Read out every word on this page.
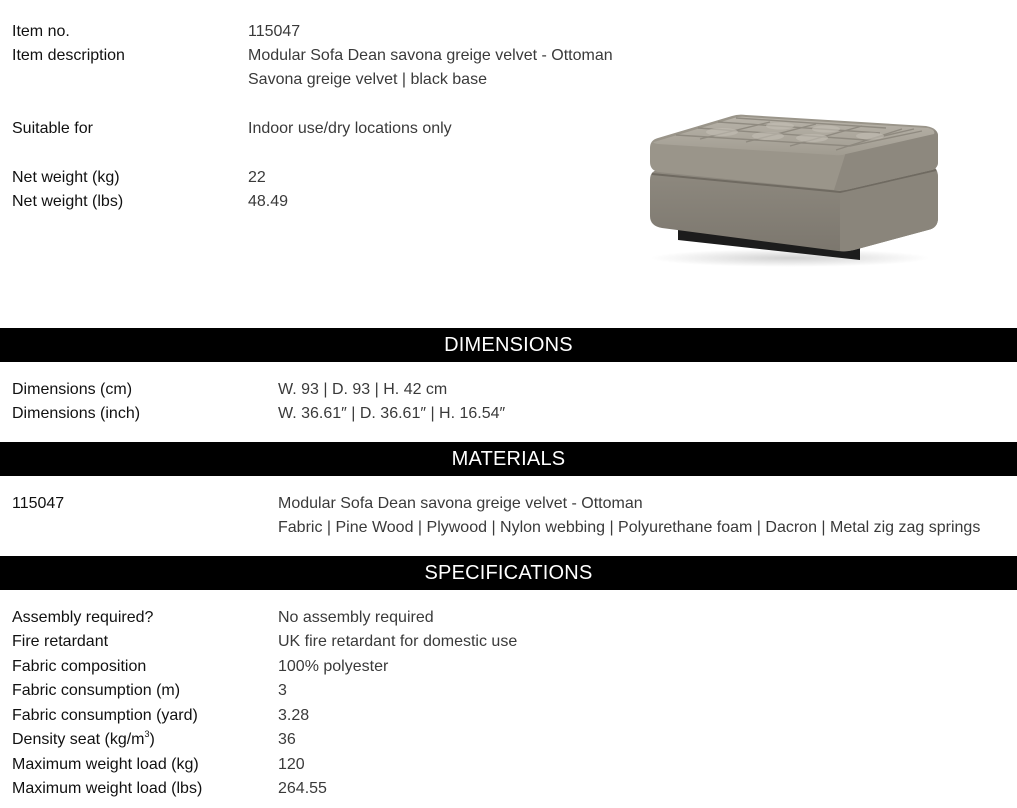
Item no.	115047
Item description	Modular Sofa Dean savona greige velvet - Ottoman
Savona greige velvet | black base
Suitable for	Indoor use/dry locations only
Net weight (kg)	22
Net weight (lbs)	48.49
DIMENSIONS
Dimensions (cm)	W. 93 | D. 93 | H. 42 cm
Dimensions (inch)	W. 36.61″ | D. 36.61″ | H. 16.54″
MATERIALS
115047	Modular Sofa Dean savona greige velvet - Ottoman
Fabric | Pine Wood | Plywood | Nylon webbing | Polyurethane foam | Dacron | Metal zig zag springs
SPECIFICATIONS
Assembly required?	No assembly required
Fire retardant	UK fire retardant for domestic use
Fabric composition	100% polyester
Fabric consumption (m)	3
Fabric consumption (yard)	3.28
Density seat $(kg/m^3)$	36
Maximum weight load (kg)	120
Maximum weight load (lbs)	264.55
